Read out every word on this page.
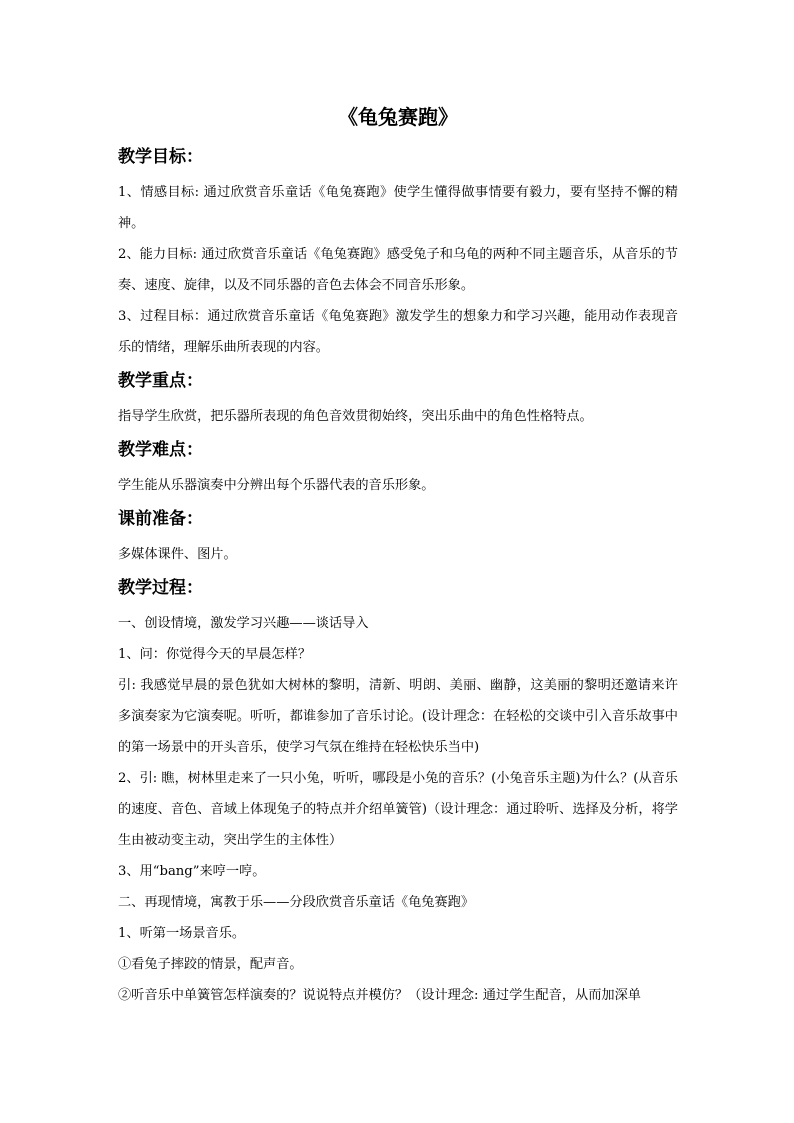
《龟兔赛跑》
教学目标：

1、情感目标: 通过欣赏音乐童话《龟兔赛跑》使学生懂得做事情要有毅力，要有坚持不懈的精神。

2、能力目标: 通过欣赏音乐童话《龟兔赛跑》感受兔子和乌龟的两种不同主题音乐，从音乐的节奏、速度、旋律，以及不同乐器的音色去体会不同音乐形象。

3、过程目标：通过欣赏音乐童话《龟兔赛跑》激发学生的想象力和学习兴趣，能用动作表现音乐的情绪，理解乐曲所表现的内容。

教学重点：

指导学生欣赏，把乐器所表现的角色音效贯彻始终，突出乐曲中的角色性格特点。

教学难点：

学生能从乐器演奏中分辨出每个乐器代表的音乐形象。

课前准备：

多媒体课件、图片。

教学过程：

一、创设情境，激发学习兴趣——谈话导入

1、问：你觉得今天的早晨怎样？

引: 我感觉早晨的景色犹如大树林的黎明，清新、明朗、美丽、幽静，这美丽的黎明还邀请来许多演奏家为它演奏呢。听听，都谁参加了音乐讨论。(设计理念：在轻松的交谈中引入音乐故事中的第一场景中的开头音乐，使学习气氛在维持在轻松快乐当中)

2、引: 瞧，树林里走来了一只小兔，听听，哪段是小兔的音乐？(小兔音乐主题)为什么？(从音乐的速度、音色、音域上体现兔子的特点并介绍单簧管)（设计理念：通过聆听、选择及分析，将学生由被动变主动，突出学生的主体性）

3、用“bang”来哼一哼。

二、再现情境，寓教于乐——分段欣赏音乐童话《龟兔赛跑》

1、听第一场景音乐。

①看兔子摔跤的情景，配声音。

②听音乐中单簧管怎样演奏的？说说特点并模仿？（设计理念: 通过学生配音，从而加深单
